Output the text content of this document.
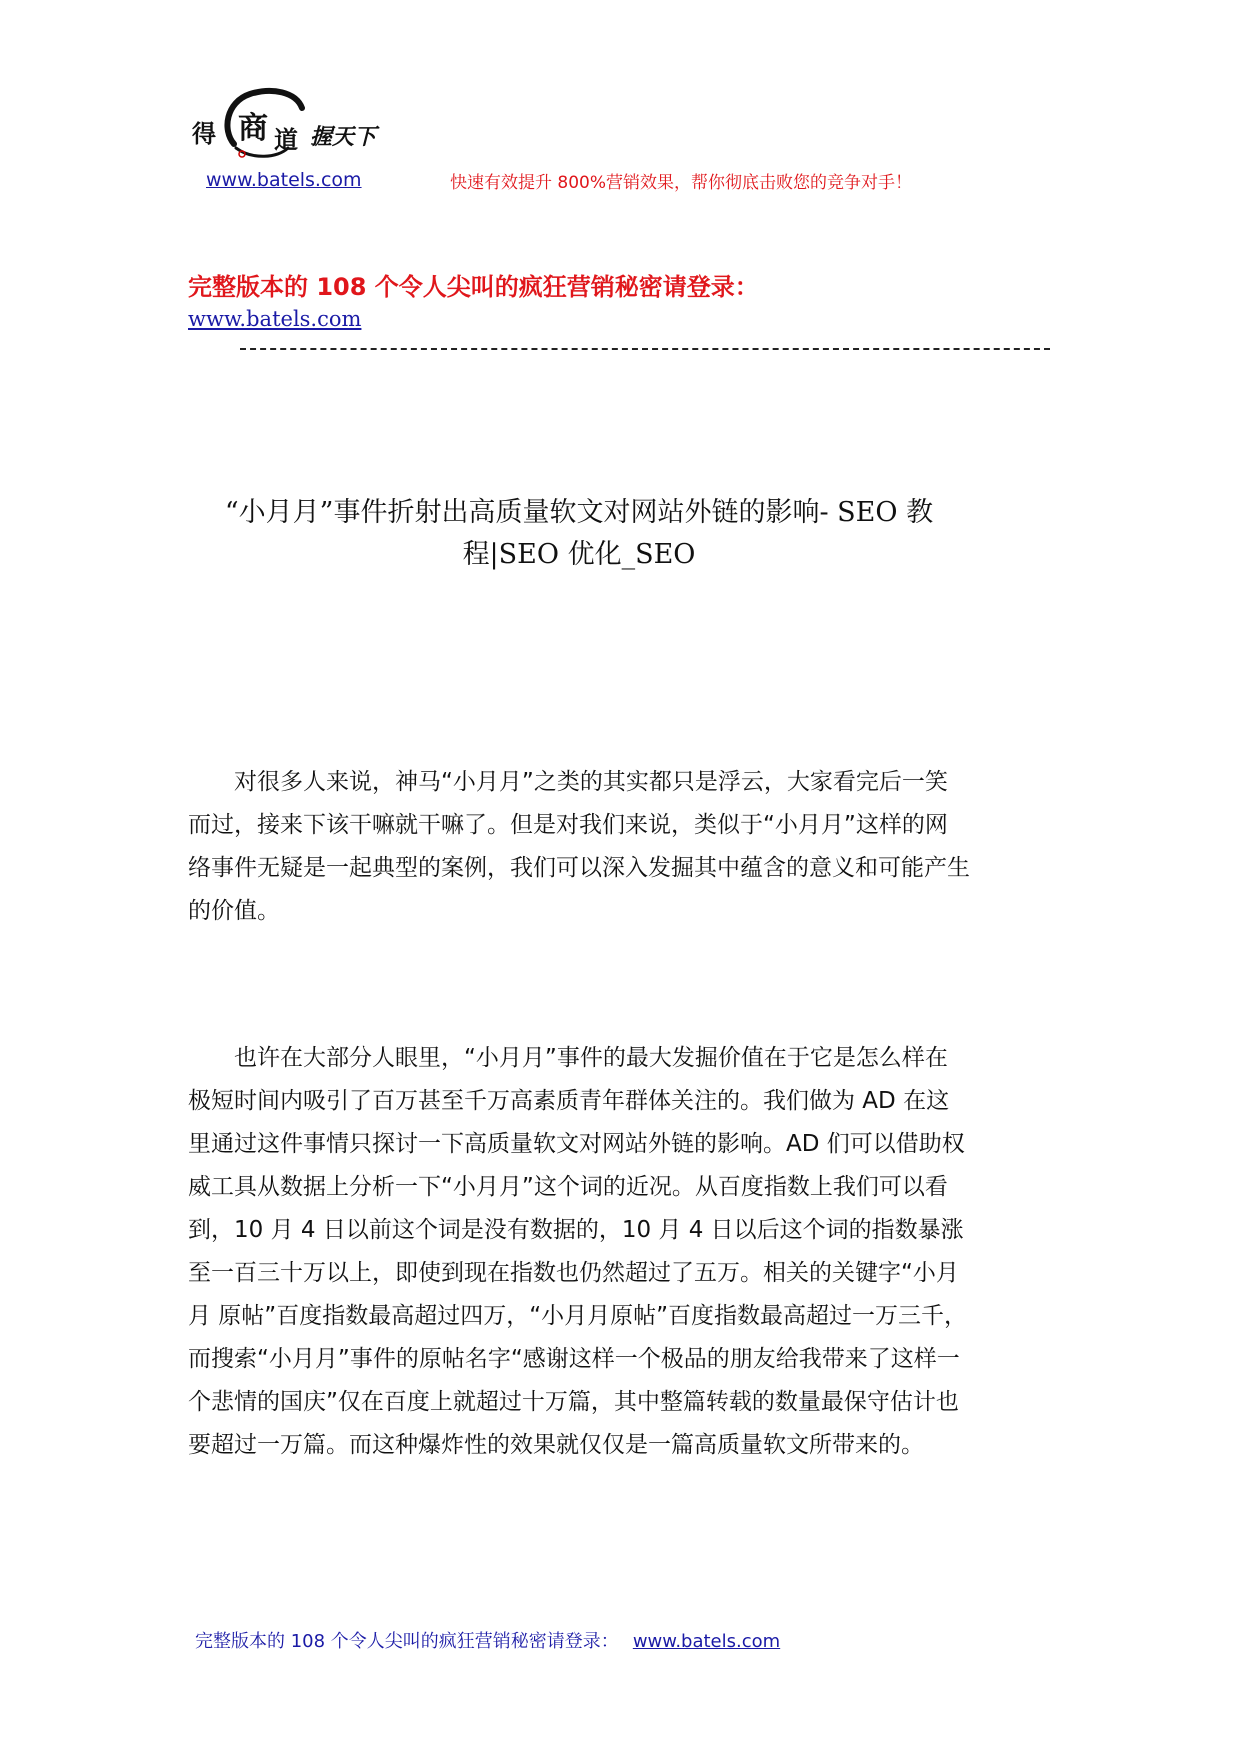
得 商 道 握天下
www.batels.com	快速有效提升 800%营销效果，帮你彻底击败您的竞争对手！
完整版本的 108 个令人尖叫的疯狂营销秘密请登录：
www.batels.com
“小月月”事件折射出高质量软文对网站外链的影响- SEO 教
程|SEO 优化_SEO

对很多人来说，神马“小月月”之类的其实都只是浮云，大家看完后一笑而过，接来下该干嘛就干嘛了。但是对我们来说，类似于“小月月”这样的网络事件无疑是一起典型的案例，我们可以深入发掘其中蕴含的意义和可能产生的价值。

也许在大部分人眼里，“小月月”事件的最大发掘价值在于它是怎么样在极短时间内吸引了百万甚至千万高素质青年群体关注的。我们做为 AD 在这里通过这件事情只探讨一下高质量软文对网站外链的影响。AD 们可以借助权威工具从数据上分析一下“小月月”这个词的近况。从百度指数上我们可以看到，10 月 4 日以前这个词是没有数据的，10 月 4 日以后这个词的指数暴涨至一百三十万以上，即使到现在指数也仍然超过了五万。相关的关键字“小月月 原帖”百度指数最高超过四万，“小月月原帖”百度指数最高超过一万三千，而搜索“小月月”事件的原帖名字“感谢这样一个极品的朋友给我带来了这样一个悲情的国庆”仅在百度上就超过十万篇，其中整篇转载的数量最保守估计也要超过一万篇。而这种爆炸性的效果就仅仅是一篇高质量软文所带来的。

完整版本的 108 个令人尖叫的疯狂营销秘密请登录： www.batels.com
